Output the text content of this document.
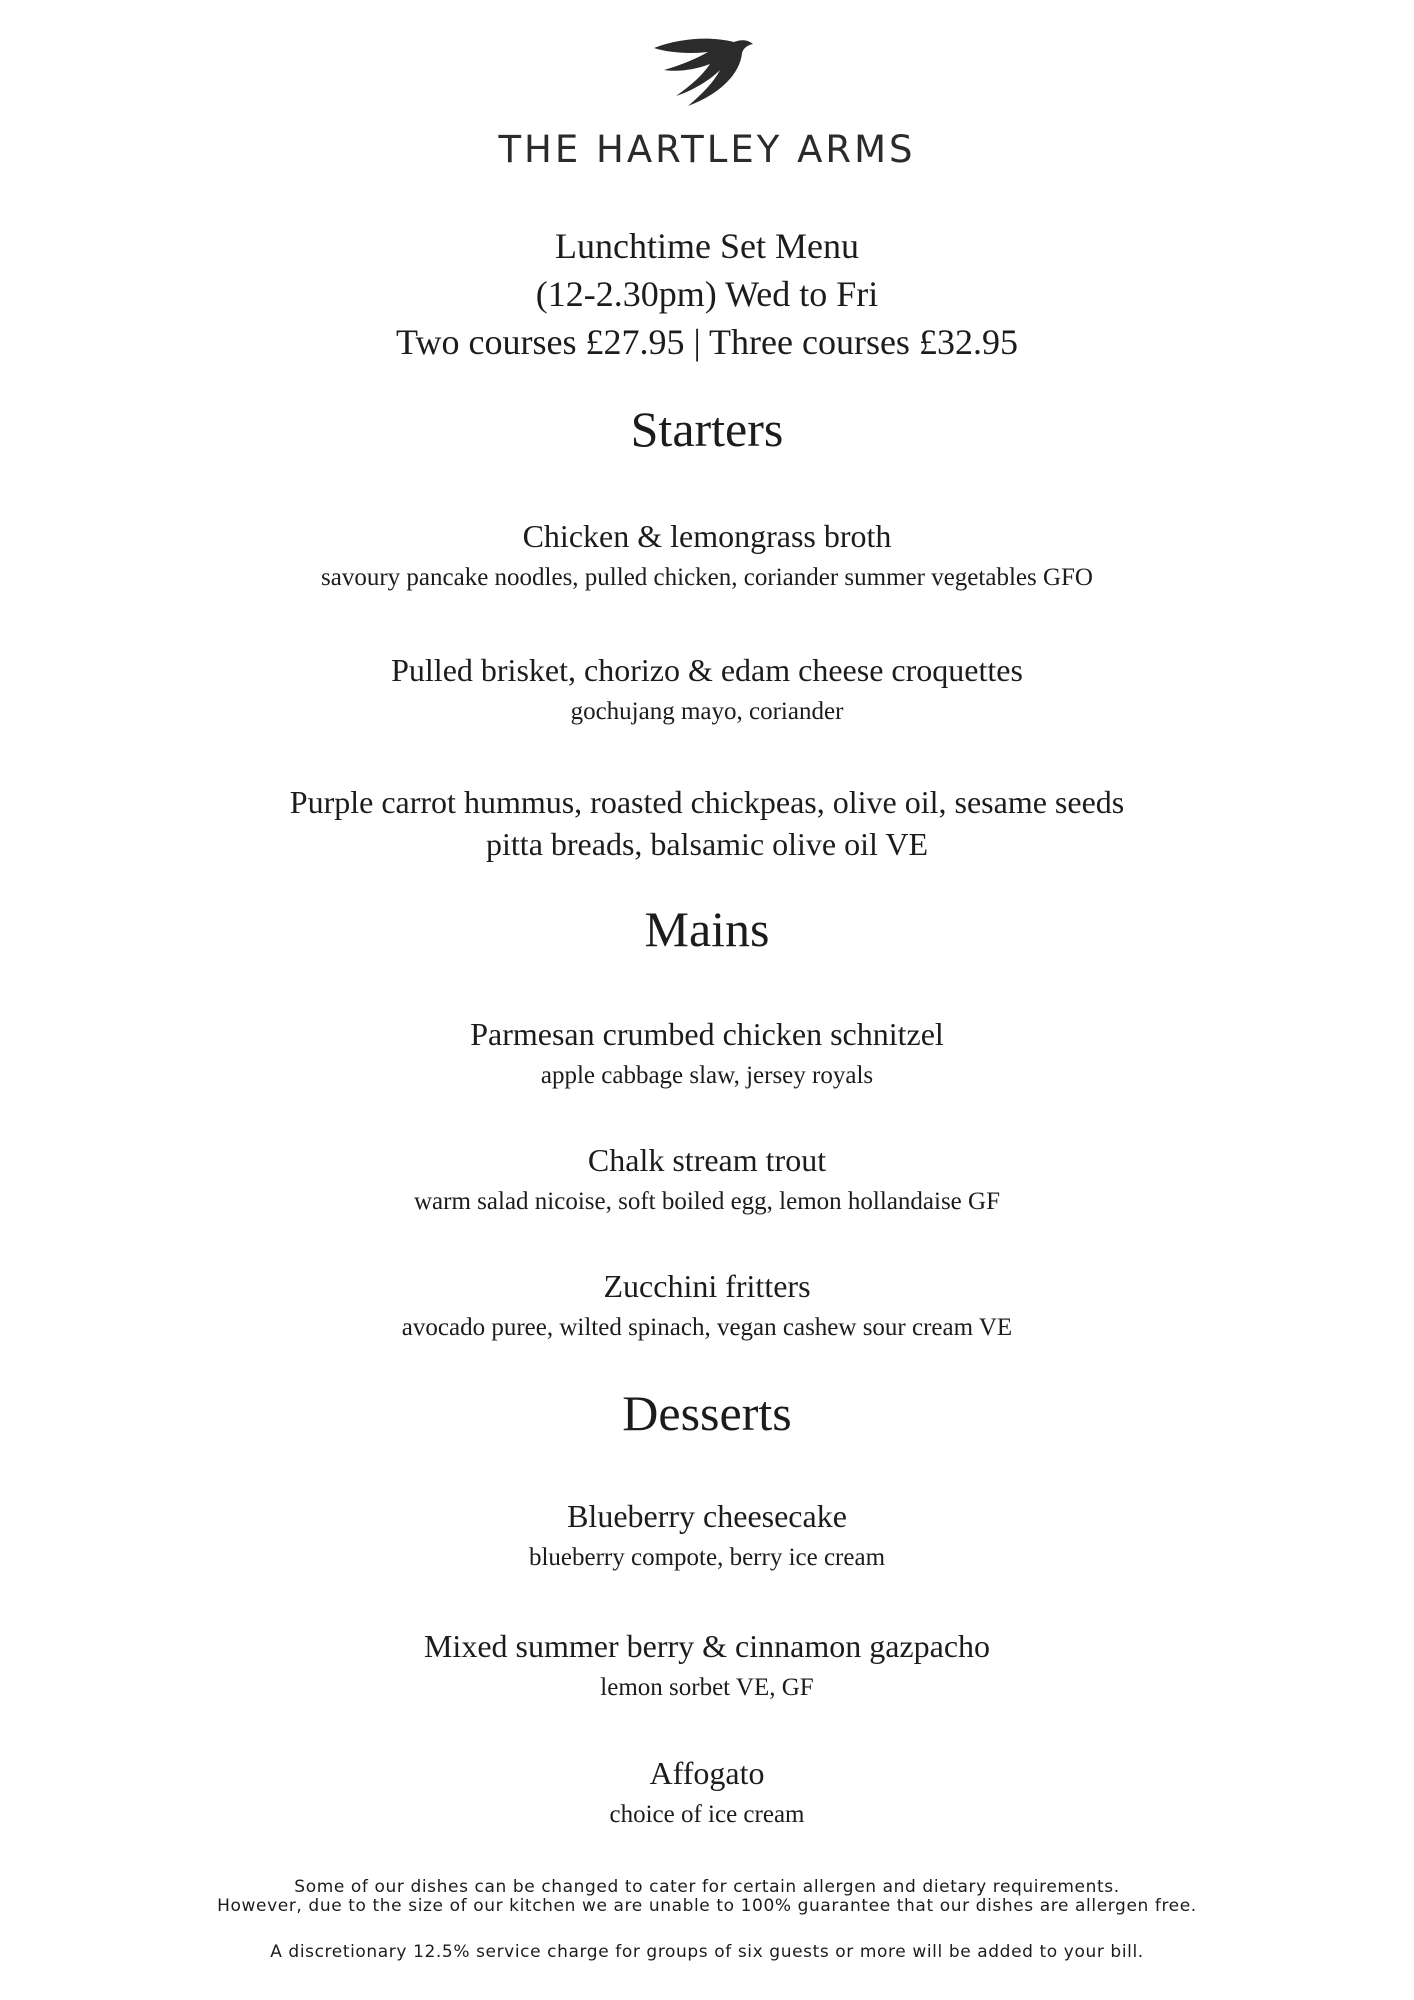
THE HARTLEY ARMS
Lunchtime Set Menu
(12-2.30pm) Wed to Fri
Two courses £27.95 | Three courses £32.95
Starters
Chicken & lemongrass broth
savoury pancake noodles, pulled chicken, coriander summer vegetables GFO
Pulled brisket, chorizo & edam cheese croquettes
gochujang mayo, coriander
Purple carrot hummus, roasted chickpeas, olive oil, sesame seeds
pitta breads, balsamic olive oil VE
Mains
Parmesan crumbed chicken schnitzel
apple cabbage slaw, jersey royals
Chalk stream trout
warm salad nicoise, soft boiled egg, lemon hollandaise GF
Zucchini fritters
avocado puree, wilted spinach, vegan cashew sour cream VE
Desserts
Blueberry cheesecake
blueberry compote, berry ice cream
Mixed summer berry & cinnamon gazpacho
lemon sorbet VE, GF
Affogato
choice of ice cream
Some of our dishes can be changed to cater for certain allergen and dietary requirements.
However, due to the size of our kitchen we are unable to 100% guarantee that our dishes are allergen free.
A discretionary 12.5% service charge for groups of six guests or more will be added to your bill.
